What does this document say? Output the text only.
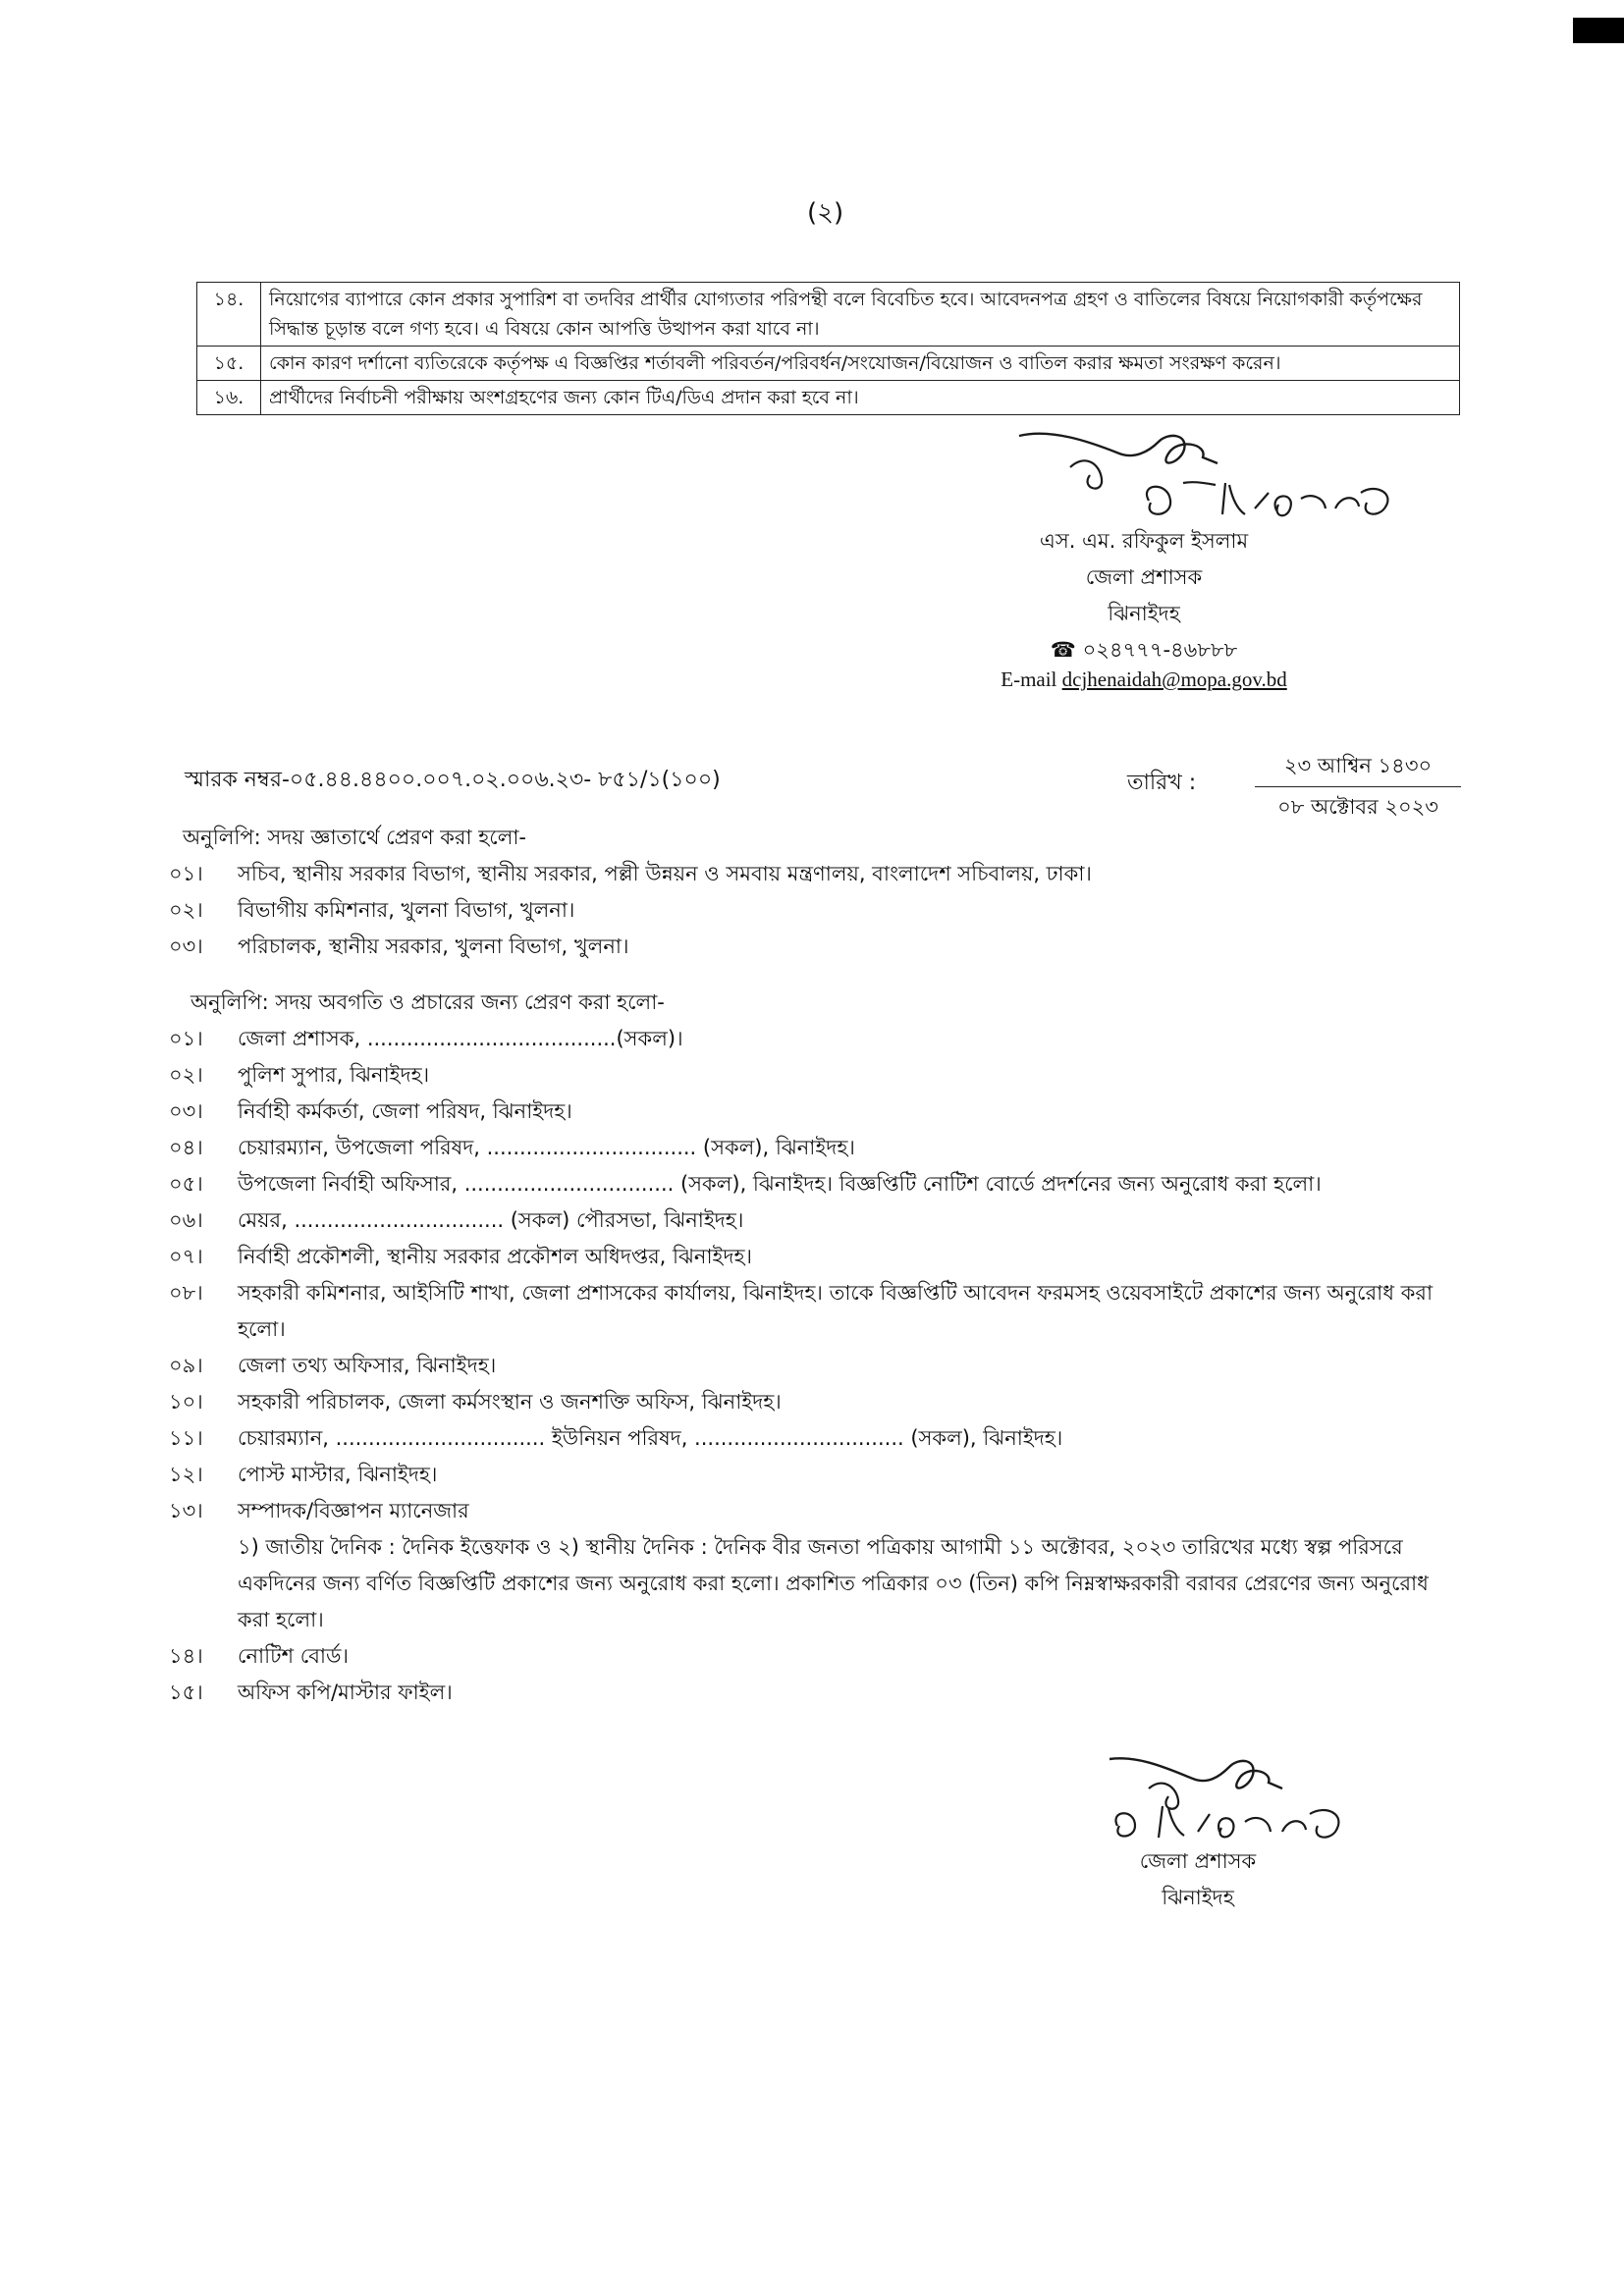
(২)
১৪.	নিয়োগের ব্যাপারে কোন প্রকার সুপারিশ বা তদবির প্রার্থীর যোগ্যতার পরিপন্থী বলে বিবেচিত হবে। আবেদনপত্র গ্রহণ ও বাতিলের বিষয়ে নিয়োগকারী কর্তৃপক্ষের সিদ্ধান্ত চূড়ান্ত বলে গণ্য হবে। এ বিষয়ে কোন আপত্তি উত্থাপন করা যাবে না।
১৫.	কোন কারণ দর্শানো ব্যতিরেকে কর্তৃপক্ষ এ বিজ্ঞপ্তির শর্তাবলী পরিবর্তন/পরিবর্ধন/সংযোজন/বিয়োজন ও বাতিল করার ক্ষমতা সংরক্ষণ করেন।
১৬.	প্রার্থীদের নির্বাচনী পরীক্ষায় অংশগ্রহণের জন্য কোন টিএ/ডিএ প্রদান করা হবে না।
এস. এম. রফিকুল ইসলাম
জেলা প্রশাসক
ঝিনাইদহ
☎ ০২৪৭৭৭-৪৬৮৮৮
E-mail dcjhenaidah@mopa.gov.bd
স্মারক নম্বর-০৫.৪৪.৪৪০০.০০৭.০২.০০৬.২৩- ৮৫১/১(১০০)	তারিখ :
২৩ আশ্বিন ১৪৩০
০৮ অক্টোবর ২০২৩
অনুলিপি: সদয় জ্ঞাতার্থে প্রেরণ করা হলো-
০১।	সচিব, স্থানীয় সরকার বিভাগ, স্থানীয় সরকার, পল্লী উন্নয়ন ও সমবায় মন্ত্রণালয়, বাংলাদেশ সচিবালয়, ঢাকা।
০২।	বিভাগীয় কমিশনার, খুলনা বিভাগ, খুলনা।
০৩।	পরিচালক, স্থানীয় সরকার, খুলনা বিভাগ, খুলনা।
অনুলিপি: সদয় অবগতি ও প্রচারের জন্য প্রেরণ করা হলো-
০১।	জেলা প্রশাসক, ......................................(সকল)।
০২।	পুলিশ সুপার, ঝিনাইদহ।
০৩।	নির্বাহী কর্মকর্তা, জেলা পরিষদ, ঝিনাইদহ।
০৪।	চেয়ারম্যান, উপজেলা পরিষদ, ................................ (সকল), ঝিনাইদহ।
০৫।	উপজেলা নির্বাহী অফিসার, ................................ (সকল), ঝিনাইদহ। বিজ্ঞপ্তিটি নোটিশ বোর্ডে প্রদর্শনের জন্য অনুরোধ করা হলো।
০৬।	মেয়র, ................................ (সকল) পৌরসভা, ঝিনাইদহ।
০৭।	নির্বাহী প্রকৌশলী, স্থানীয় সরকার প্রকৌশল অধিদপ্তর, ঝিনাইদহ।
০৮।	সহকারী কমিশনার, আইসিটি শাখা, জেলা প্রশাসকের কার্যালয়, ঝিনাইদহ। তাকে বিজ্ঞপ্তিটি আবেদন ফরমসহ ওয়েবসাইটে প্রকাশের জন্য অনুরোধ করা হলো।
০৯।	জেলা তথ্য অফিসার, ঝিনাইদহ।
১০।	সহকারী পরিচালক, জেলা কর্মসংস্থান ও জনশক্তি অফিস, ঝিনাইদহ।
১১।	চেয়ারম্যান, ................................ ইউনিয়ন পরিষদ, ................................ (সকল), ঝিনাইদহ।
১২।	পোস্ট মাস্টার, ঝিনাইদহ।
১৩।	সম্পাদক/বিজ্ঞাপন ম্যানেজার
১) জাতীয় দৈনিক : দৈনিক ইত্তেফাক ও ২) স্থানীয় দৈনিক : দৈনিক বীর জনতা পত্রিকায় আগামী ১১ অক্টোবর, ২০২৩ তারিখের মধ্যে স্বল্প পরিসরে একদিনের জন্য বর্ণিত বিজ্ঞপ্তিটি প্রকাশের জন্য অনুরোধ করা হলো। প্রকাশিত পত্রিকার ০৩ (তিন) কপি নিম্নস্বাক্ষরকারী বরাবর প্রেরণের জন্য অনুরোধ করা হলো।
১৪।	নোটিশ বোর্ড।
১৫।	অফিস কপি/মাস্টার ফাইল।
জেলা প্রশাসক
ঝিনাইদহ
